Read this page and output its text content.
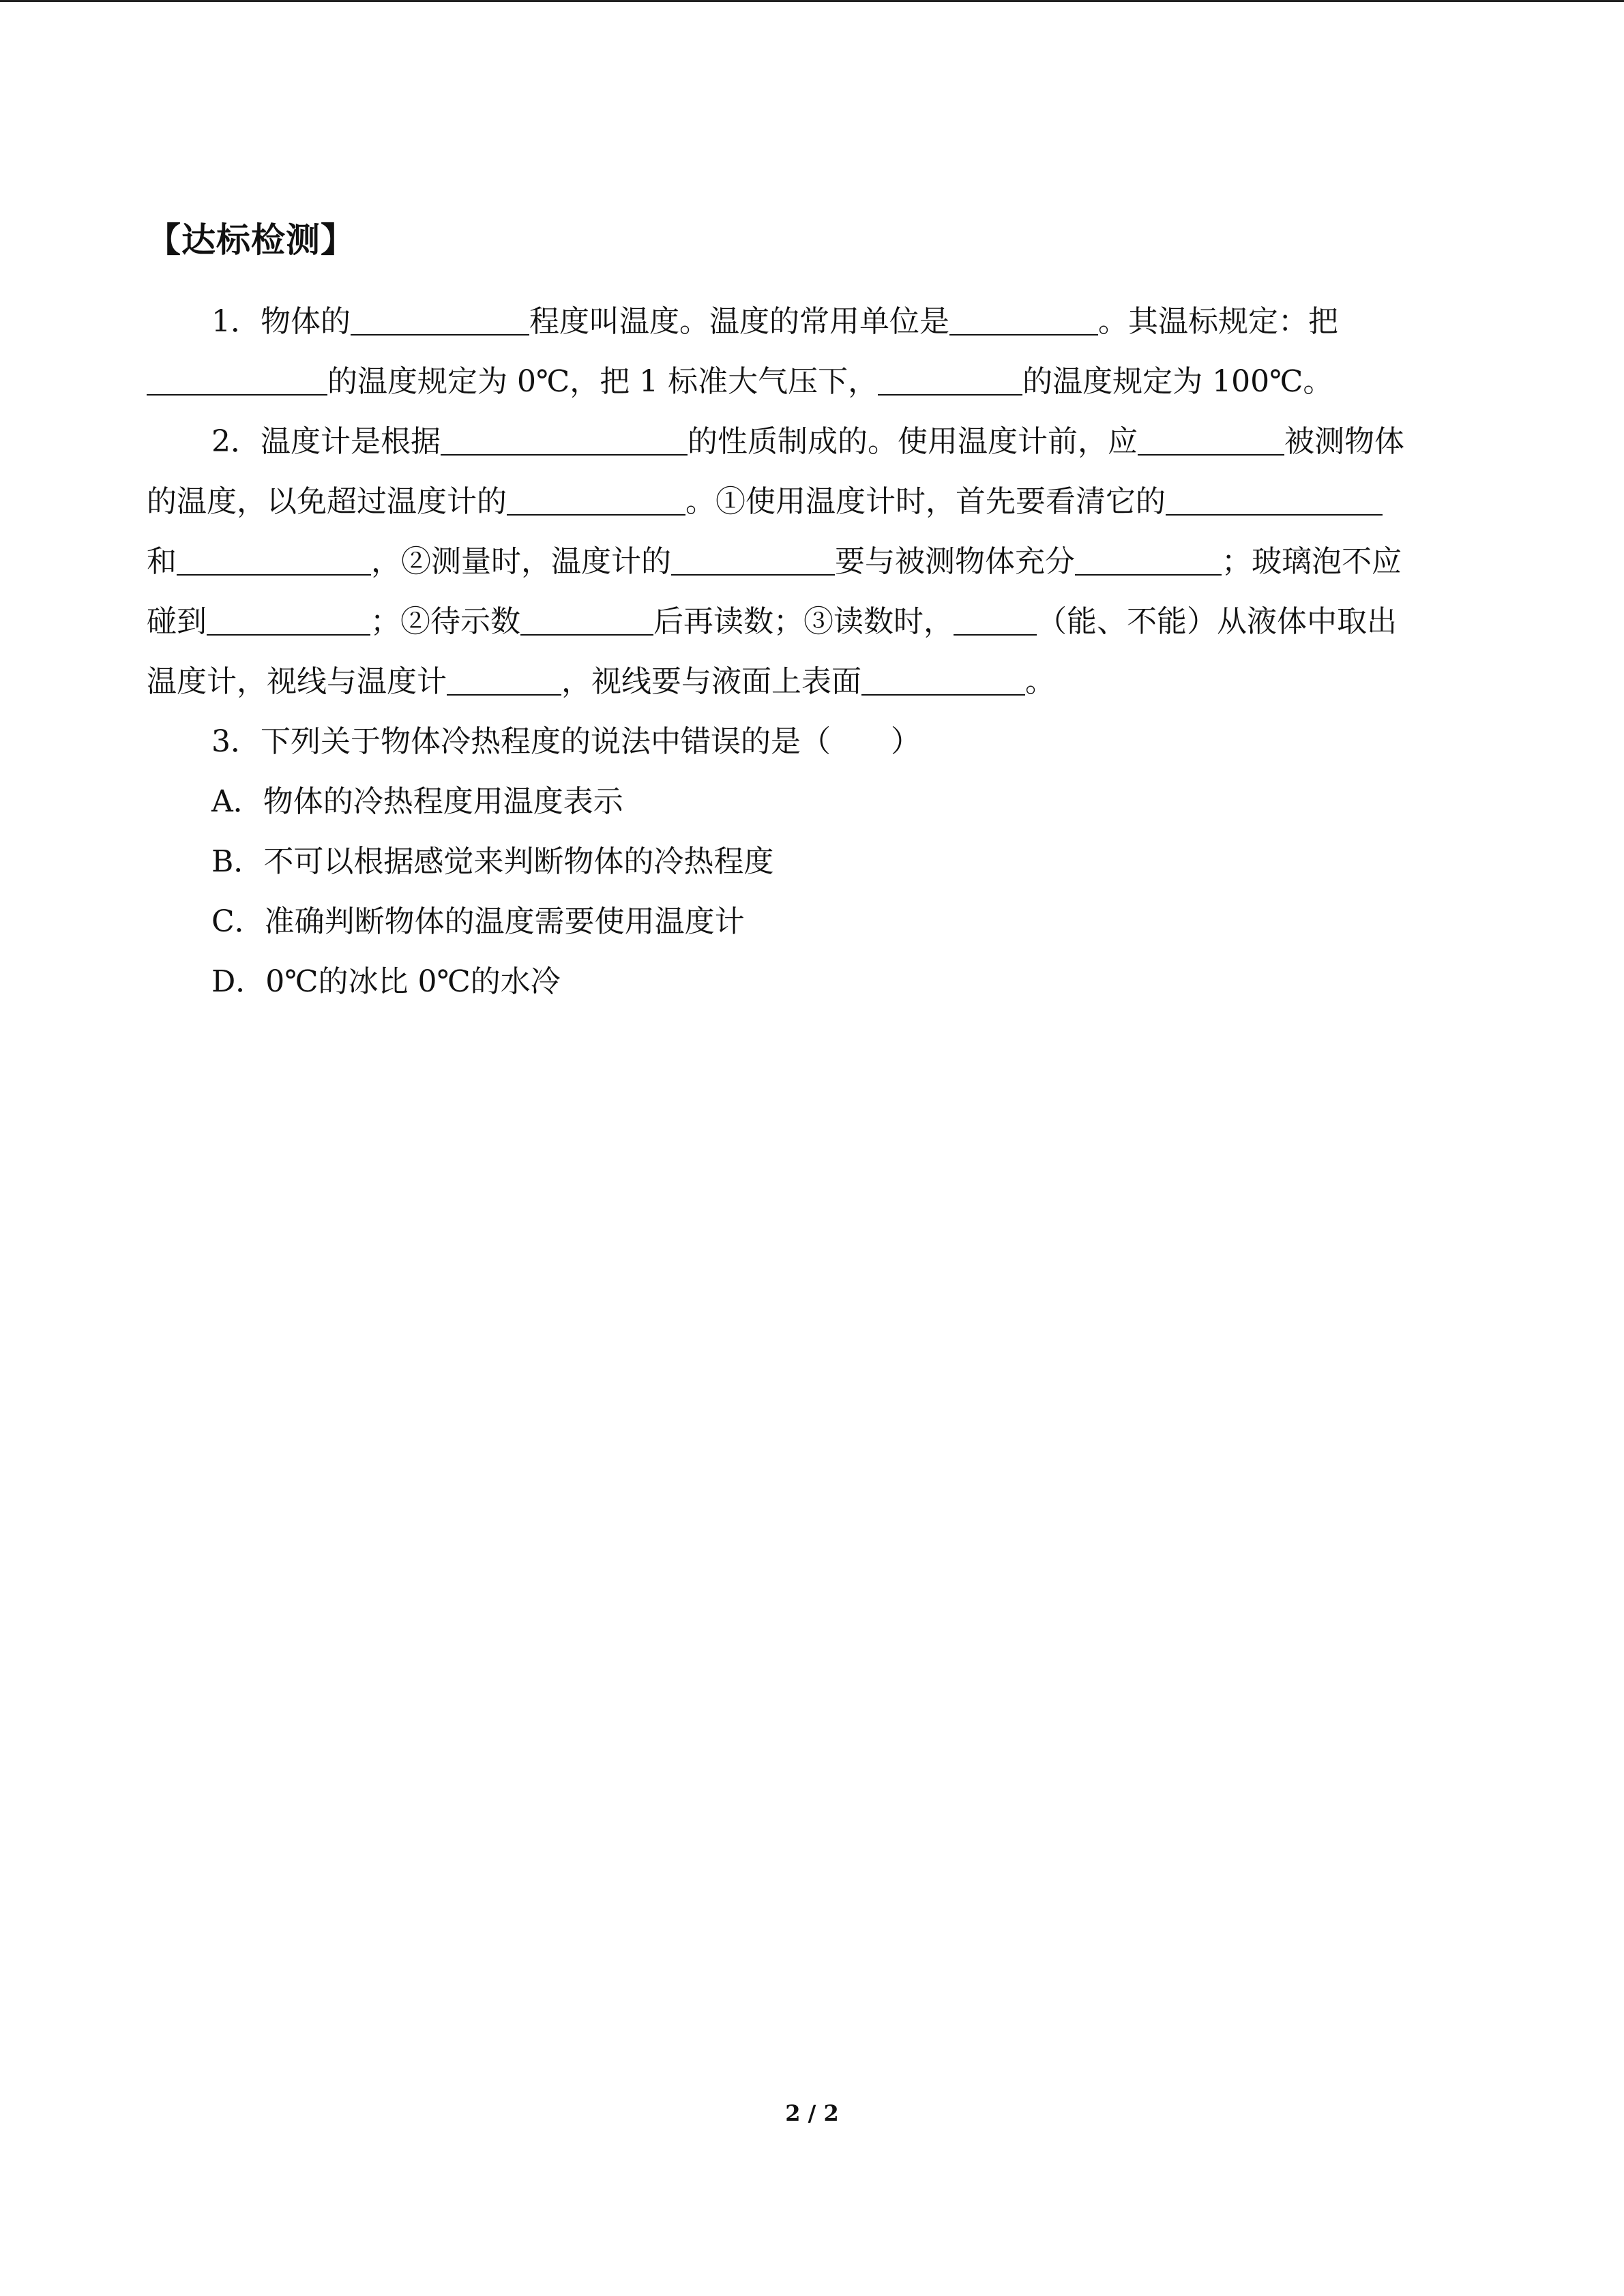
【达标检测】
1．物体的	程度叫温度。温度的常用单位是	。其温标规定：把
的温度规定为 0℃，把 1 标准大气压下，	的温度规定为 100℃。
2．温度计是根据	的性质制成的。使用温度计前，应	被测物体
的温度，以免超过温度计的	。①使用温度计时，首先要看清它的
和	，②测量时，温度计的	要与被测物体充分	；玻璃泡不应
碰到	；②待示数	后再读数；③读数时，	（能、不能）从液体中取出
温度计，视线与温度计	，视线要与液面上表面	。
3．下列关于物体冷热程度的说法中错误的是（　　）
A．物体的冷热程度用温度表示
B．不可以根据感觉来判断物体的冷热程度
C．准确判断物体的温度需要使用温度计
D．0℃的冰比 0℃的水冷
2 / 2
